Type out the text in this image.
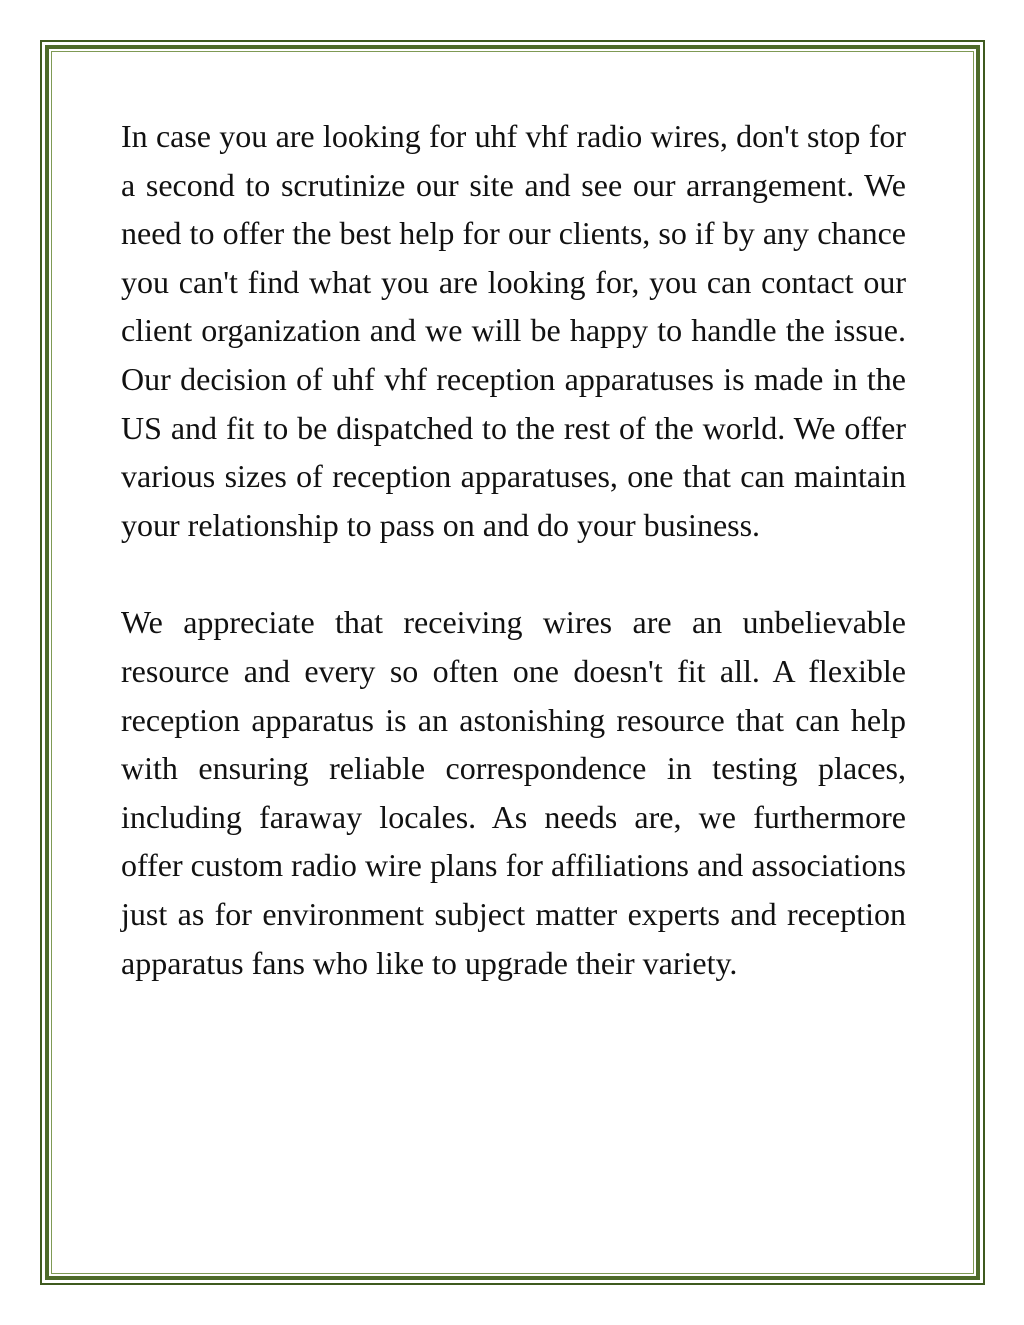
In case you are looking for uhf vhf radio wires, don't stop for a second to scrutinize our site and see our arrangement. We need to offer the best help for our clients, so if by any chance you can't find what you are looking for, you can contact our client organization and we will be happy to handle the issue. Our decision of uhf vhf reception apparatuses is made in the US and fit to be dispatched to the rest of the world. We offer various sizes of reception apparatuses, one that can maintain your relationship to pass on and do your business.

We appreciate that receiving wires are an unbelievable resource and every so often one doesn't fit all. A flexible reception apparatus is an astonishing resource that can help with ensuring reliable correspondence in testing places, including faraway locales. As needs are, we furthermore offer custom radio wire plans for affiliations and associations just as for environment subject matter experts and reception apparatus fans who like to upgrade their variety.
